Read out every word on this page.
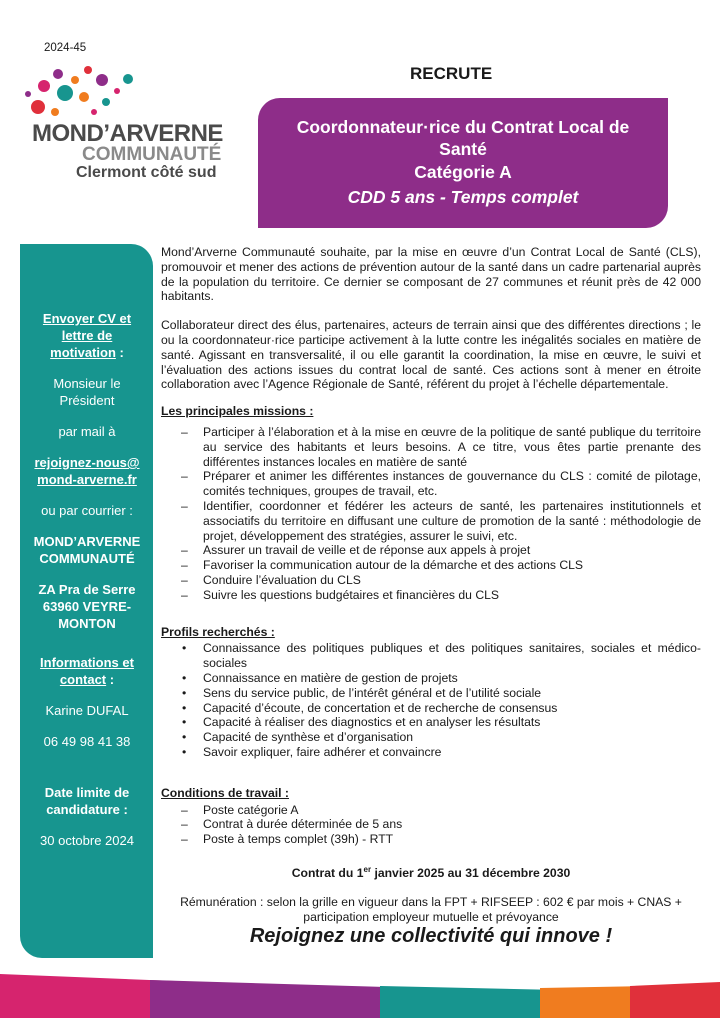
2024-45
MOND’ARVERNE
COMMUNAUTÉ
Clermont côté sud
RECRUTE
Coordonnateur·rice du Contrat Local de Santé
Catégorie A
CDD 5 ans - Temps complet
Envoyer CV et lettre de motivation :
Monsieur le Président
par mail à
rejoignez-nous@mond-arverne.fr
ou par courrier :
MOND’ARVERNE COMMUNAUTÉ
ZA Pra de Serre 63960 VEYRE-MONTON
Informations et contact :
Karine DUFAL
06 49 98 41 38
Date limite de candidature :
30 octobre 2024

Mond’Arverne Communauté souhaite, par la mise en œuvre d’un Contrat Local de Santé (CLS), promouvoir et mener des actions de prévention autour de la santé dans un cadre partenarial auprès de la population du territoire. Ce dernier se composant de 27 communes et réunit près de 42 000 habitants.

Collaborateur direct des élus, partenaires, acteurs de terrain ainsi que des différentes directions ; le ou la coordonnateur·rice participe activement à la lutte contre les inégalités sociales en matière de santé. Agissant en transversalité, il ou elle garantit la coordination, la mise en œuvre, le suivi et l’évaluation des actions issues du contrat local de santé. Ces actions sont à mener en étroite collaboration avec l’Agence Régionale de Santé, référent du projet à l’échelle départementale.

Les principales missions :
– Participer à l’élaboration et à la mise en œuvre de la politique de santé publique du territoire au service des habitants et leurs besoins. A ce titre, vous êtes partie prenante des différentes instances locales en matière de santé
– Préparer et animer les différentes instances de gouvernance du CLS : comité de pilotage, comités techniques, groupes de travail, etc.
– Identifier, coordonner et fédérer les acteurs de santé, les partenaires institutionnels et associatifs du territoire en diffusant une culture de promotion de la santé : méthodologie de projet, développement des stratégies, assurer le suivi, etc.
– Assurer un travail de veille et de réponse aux appels à projet
– Favoriser la communication autour de la démarche et des actions CLS
– Conduire l’évaluation du CLS
– Suivre les questions budgétaires et financières du CLS
Profils recherchés :
• Connaissance des politiques publiques et des politiques sanitaires, sociales et médico-sociales
• Connaissance en matière de gestion de projets
• Sens du service public, de l’intérêt général et de l’utilité sociale
• Capacité d’écoute, de concertation et de recherche de consensus
• Capacité à réaliser des diagnostics et en analyser les résultats
• Capacité de synthèse et d’organisation
• Savoir expliquer, faire adhérer et convaincre
Conditions de travail :
– Poste catégorie A
– Contrat à durée déterminée de 5 ans
– Poste à temps complet (39h) - RTT

Contrat du 1er janvier 2025 au 31 décembre 2030

Rémunération : selon la grille en vigueur dans la FPT + RIFSEEP : 602 € par mois + CNAS + participation employeur mutuelle et prévoyance

Rejoignez une collectivité qui innove !
